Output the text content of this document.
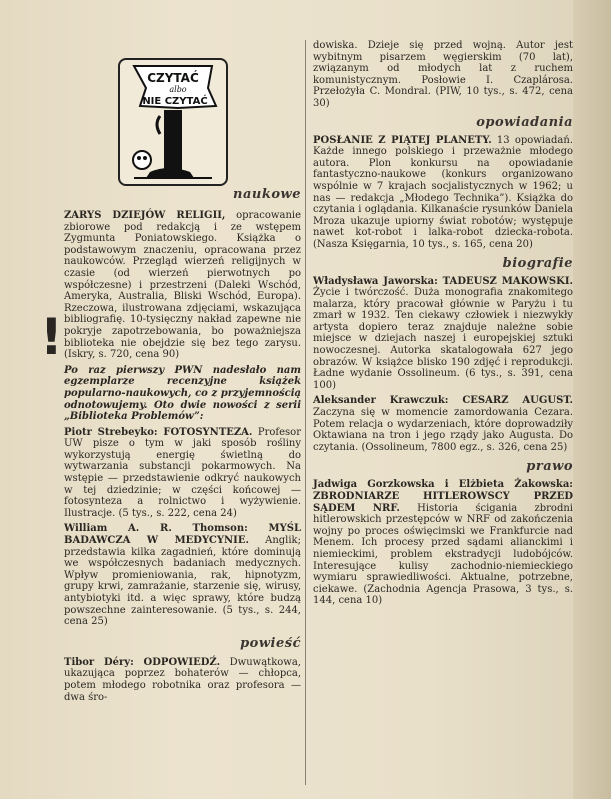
CZYTAĆ
albo
NIE CZYTAĆ
!
naukowe

ZARYS DZIEJÓW RELIGII, opracowanie zbiorowe pod redakcją i ze wstępem Zygmunta Poniatowskiego. Książka o podstawowym znaczeniu, opracowana przez naukowców. Przegląd wierzeń religijnych w czasie (od wierzeń pierwotnych po współczesne) i przestrzeni (Daleki Wschód, Ameryka, Australia, Bliski Wschód, Europa). Rzeczowa, ilustrowana zdjęciami, wskazująca bibliografię. 10-tysięczny nakład zapewne nie pokryje zapotrzebowania, bo poważniejsza biblioteka nie obejdzie się bez tego zarysu. (Iskry, s. 720, cena 90)

Po raz pierwszy PWN nadesłało nam egzemplarze recenzyjne książek popularno-naukowych, co z przyjemnością odnotowujemy. Oto dwie nowości z serii „Biblioteka Problemów”:

Piotr Strebeyko: FOTOSYNTEZA. Profesor UW pisze o tym w jaki sposób rośliny wykorzystują energię świetlną do wytwarzania substancji pokarmowych. Na wstępie — przedstawienie odkryć naukowych w tej dziedzinie; w części końcowej — fotosynteza a rolnictwo i wyżywienie. Ilustracje. (5 tys., s. 222, cena 24)

William A. R. Thomson: MYŚL BADAWCZA W MEDYCYNIE. Anglik; przedstawia kilka zagadnień, które dominują we współczesnych badaniach medycznych. Wpływ promieniowania, rak, hipnotyzm, grupy krwi, zamrażanie, starzenie się, wirusy, antybiotyki itd. a więc sprawy, które budzą powszechne zainteresowanie. (5 tys., s. 244, cena 25)

powieść

Tibor Déry: ODPOWIEDŹ. Dwuwątkowa, ukazująca poprzez bohaterów — chłopca, potem młodego robotnika oraz profesora — dwa śro-

dowiska. Dzieje się przed wojną. Autor jest wybitnym pisarzem węgierskim (70 lat), związanym od młodych lat z ruchem komunistycznym. Posłowie I. Czaplárosa. Przełożyła C. Mondral. (PIW, 10 tys., s. 472, cena 30)

opowiadania

POSŁANIE Z PIĄTEJ PLANETY. 13 opowiadań. Każde innego polskiego i przeważnie młodego autora. Plon konkursu na opowiadanie fantastyczno-naukowe (konkurs organizowano wspólnie w 7 krajach socjalistycznych w 1962; u nas — redakcja „Młodego Technika”). Książka do czytania i oglądania. Kilkanaście rysunków Daniela Mroza ukazuje upiorny świat robotów; występuje nawet kot-robot i lalka-robot dziecka-robota. (Nasza Księgarnia, 10 tys., s. 165, cena 20)

biografie

Władysława Jaworska: TADEUSZ MAKOWSKI. Życie i twórczość. Duża monografia znakomitego malarza, który pracował głównie w Paryżu i tu zmarł w 1932. Ten ciekawy człowiek i niezwykły artysta dopiero teraz znajduje należne sobie miejsce w dziejach naszej i europejskiej sztuki nowoczesnej. Autorka skatalogowała 627 jego obrazów. W książce blisko 190 zdjęć i reprodukcji. Ładne wydanie Ossolineum. (6 tys., s. 391, cena 100)

Aleksander Krawczuk: CESARZ AUGUST. Zaczyna się w momencie zamordowania Cezara. Potem relacja o wydarzeniach, które doprowadziły Oktawiana na tron i jego rządy jako Augusta. Do czytania. (Ossolineum, 7800 egz., s. 326, cena 25)

prawo

Jadwiga Gorzkowska i Elżbieta Żakowska: ZBRODNIARZE HITLEROWSCY PRZED SĄDEM NRF. Historia ścigania zbrodni hitlerowskich przestępców w NRF od zakończenia wojny po proces oświęcimski we Frankfurcie nad Menem. Ich procesy przed sądami alianckimi i niemieckimi, problem ekstradycji ludobójców. Interesujące kulisy zachodnio-niemieckiego wymiaru sprawiedliwości. Aktualne, potrzebne, ciekawe. (Zachodnia Agencja Prasowa, 3 tys., s. 144, cena 10)
